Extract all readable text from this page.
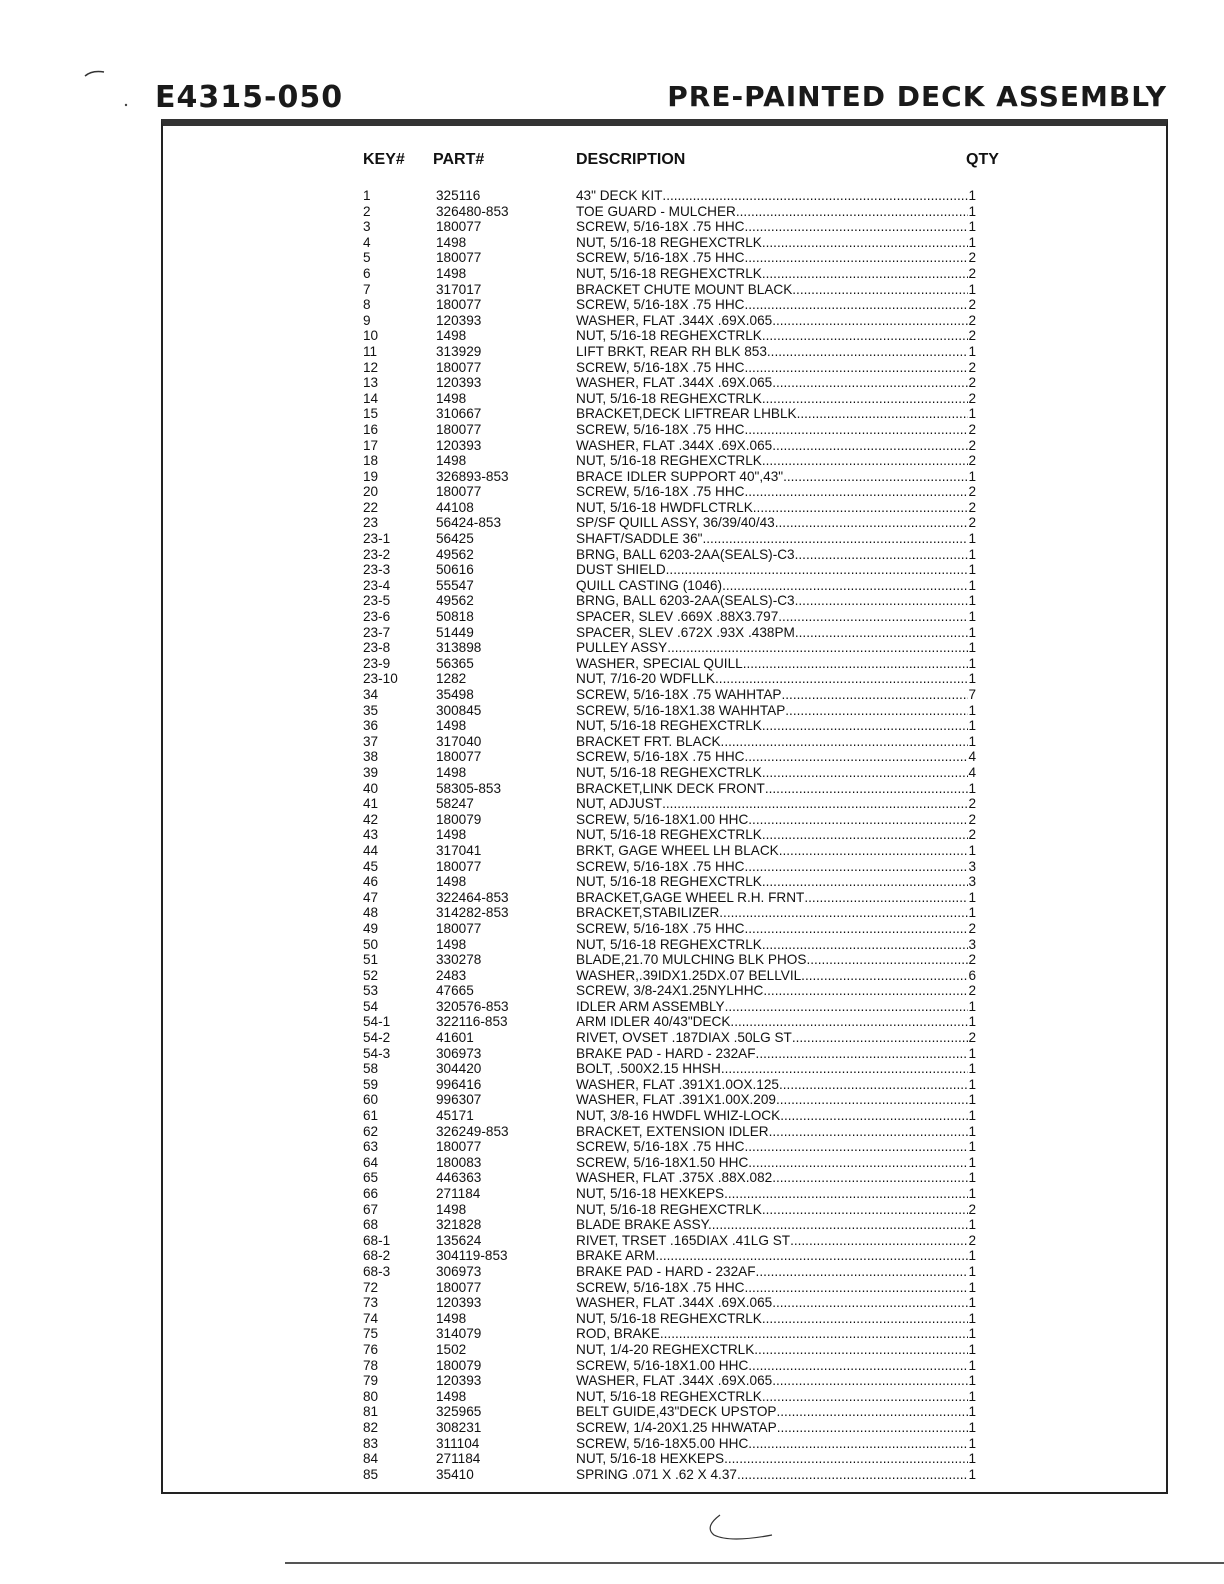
E4315-050	PRE-PAINTED DECK ASSEMBLY
KEY# PART#	DESCRIPTION	QTY
1	325116	43" DECK KIT .....	1
2	326480-853	TOE GUARD - MULCHER .....	1
3	180077	SCREW, 5/16-18X .75 HHC .....	1
4	1498	NUT, 5/16-18 REGHEXCTRLK .....	1
5	180077	SCREW, 5/16-18X .75 HHC .....	2
6	1498	NUT, 5/16-18 REGHEXCTRLK .....	2
7	317017	BRACKET CHUTE MOUNT BLACK .....	1
8	180077	SCREW, 5/16-18X .75 HHC .....	2
9	120393	WASHER, FLAT .344X .69X.065 .....	2
10	1498	NUT, 5/16-18 REGHEXCTRLK .....	2
11	313929	LIFT BRKT, REAR RH BLK 853 .....	1
12	180077	SCREW, 5/16-18X .75 HHC .....	2
13	120393	WASHER, FLAT .344X .69X.065 .....	2
14	1498	NUT, 5/16-18 REGHEXCTRLK .....	2
15	310667	BRACKET,DECK LIFTREAR LHBLK .....	1
16	180077	SCREW, 5/16-18X .75 HHC .....	2
17	120393	WASHER, FLAT .344X .69X.065 .....	2
18	1498	NUT, 5/16-18 REGHEXCTRLK .....	2
19	326893-853	BRACE IDLER SUPPORT 40",43" .....	1
20	180077	SCREW, 5/16-18X .75 HHC .....	2
22	44108	NUT, 5/16-18 HWDFLCTRLK .....	2
23	56424-853	SP/SF QUILL ASSY, 36/39/40/43 .....	2
23-1	56425	SHAFT/SADDLE 36" .....	1
23-2	49562	BRNG, BALL 6203-2AA(SEALS)-C3 .....	1
23-3	50616	DUST SHIELD .....	1
23-4	55547	QUILL CASTING (1046) .....	1
23-5	49562	BRNG, BALL 6203-2AA(SEALS)-C3 .....	1
23-6	50818	SPACER, SLEV .669X .88X3.797 .....	1
23-7	51449	SPACER, SLEV .672X .93X .438PM .....	1
23-8	313898	PULLEY ASSY .....	1
23-9	56365	WASHER, SPECIAL QUILL .....	1
23-10	1282	NUT, 7/16-20 WDFLLK .....	1
34	35498	SCREW, 5/16-18X .75 WAHHTAP .....	7
35	300845	SCREW, 5/16-18X1.38 WAHHTAP .....	1
36	1498	NUT, 5/16-18 REGHEXCTRLK .....	1
37	317040	BRACKET FRT. BLACK .....	1
38	180077	SCREW, 5/16-18X .75 HHC .....	4
39	1498	NUT, 5/16-18 REGHEXCTRLK .....	4
40	58305-853	BRACKET,LINK DECK FRONT .....	1
41	58247	NUT, ADJUST .....	2
42	180079	SCREW, 5/16-18X1.00 HHC .....	2
43	1498	NUT, 5/16-18 REGHEXCTRLK .....	2
44	317041	BRKT, GAGE WHEEL LH BLACK .....	1
45	180077	SCREW, 5/16-18X .75 HHC .....	3
46	1498	NUT, 5/16-18 REGHEXCTRLK .....	3
47	322464-853	BRACKET,GAGE WHEEL R.H. FRNT .....	1
48	314282-853	BRACKET,STABILIZER .....	1
49	180077	SCREW, 5/16-18X .75 HHC .....	2
50	1498	NUT, 5/16-18 REGHEXCTRLK .....	3
51	330278	BLADE,21.70 MULCHING BLK PHOS .....	2
52	2483	WASHER,.39IDX1.25DX.07 BELLVIL .....	6
53	47665	SCREW, 3/8-24X1.25NYLHHC .....	2
54	320576-853	IDLER ARM ASSEMBLY .....	1
54-1	322116-853	ARM IDLER 40/43"DECK .....	1
54-2	41601	RIVET, OVSET .187DIAX .50LG ST .....	2
54-3	306973	BRAKE PAD - HARD - 232AF .....	1
58	304420	BOLT, .500X2.15 HHSH .....	1
59	996416	WASHER, FLAT .391X1.0OX.125 .....	1
60	996307	WASHER, FLAT .391X1.00X.209 .....	1
61	45171	NUT, 3/8-16 HWDFL WHIZ-LOCK .....	1
62	326249-853	BRACKET, EXTENSION IDLER .....	1
63	180077	SCREW, 5/16-18X .75 HHC .....	1
64	180083	SCREW, 5/16-18X1.50 HHC .....	1
65	446363	WASHER, FLAT .375X .88X.082 .....	1
66	271184	NUT, 5/16-18 HEXKEPS .....	1
67	1498	NUT, 5/16-18 REGHEXCTRLK .....	2
68	321828	BLADE BRAKE ASSY. .....	1
68-1	135624	RIVET, TRSET .165DIAX .41LG ST .....	2
68-2	304119-853	BRAKE ARM .....	1
68-3	306973	BRAKE PAD - HARD - 232AF .....	1
72	180077	SCREW, 5/16-18X .75 HHC .....	1
73	120393	WASHER, FLAT .344X .69X.065 .....	1
74	1498	NUT, 5/16-18 REGHEXCTRLK .....	1
75	314079	ROD, BRAKE .....	1
76	1502	NUT, 1/4-20 REGHEXCTRLK .....	1
78	180079	SCREW, 5/16-18X1.00 HHC .....	1
79	120393	WASHER, FLAT .344X .69X.065 .....	1
80	1498	NUT, 5/16-18 REGHEXCTRLK .....	1
81	325965	BELT GUIDE,43"DECK UPSTOP .....	1
82	308231	SCREW, 1/4-20X1.25 HHWATAP .....	1
83	311104	SCREW, 5/16-18X5.00 HHC .....	1
84	271184	NUT, 5/16-18 HEXKEPS .....	1
85	35410	SPRING .071 X .62 X 4.37 .....	1
